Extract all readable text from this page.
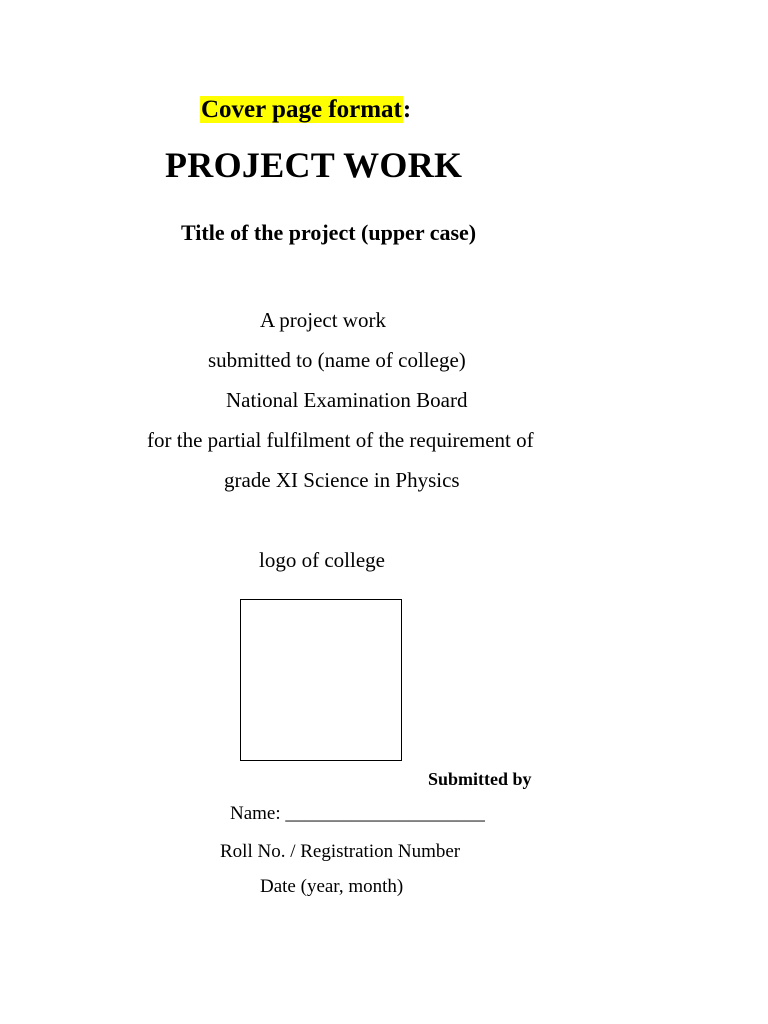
Cover page format:
PROJECT WORK
Title of the project (upper case)
A project work
submitted to (name of college)
National Examination Board
for the partial fulfilment of the requirement of
grade XI Science in Physics
logo of college
Submitted by
Name: _____________________
Roll No. / Registration Number
Date (year, month)
